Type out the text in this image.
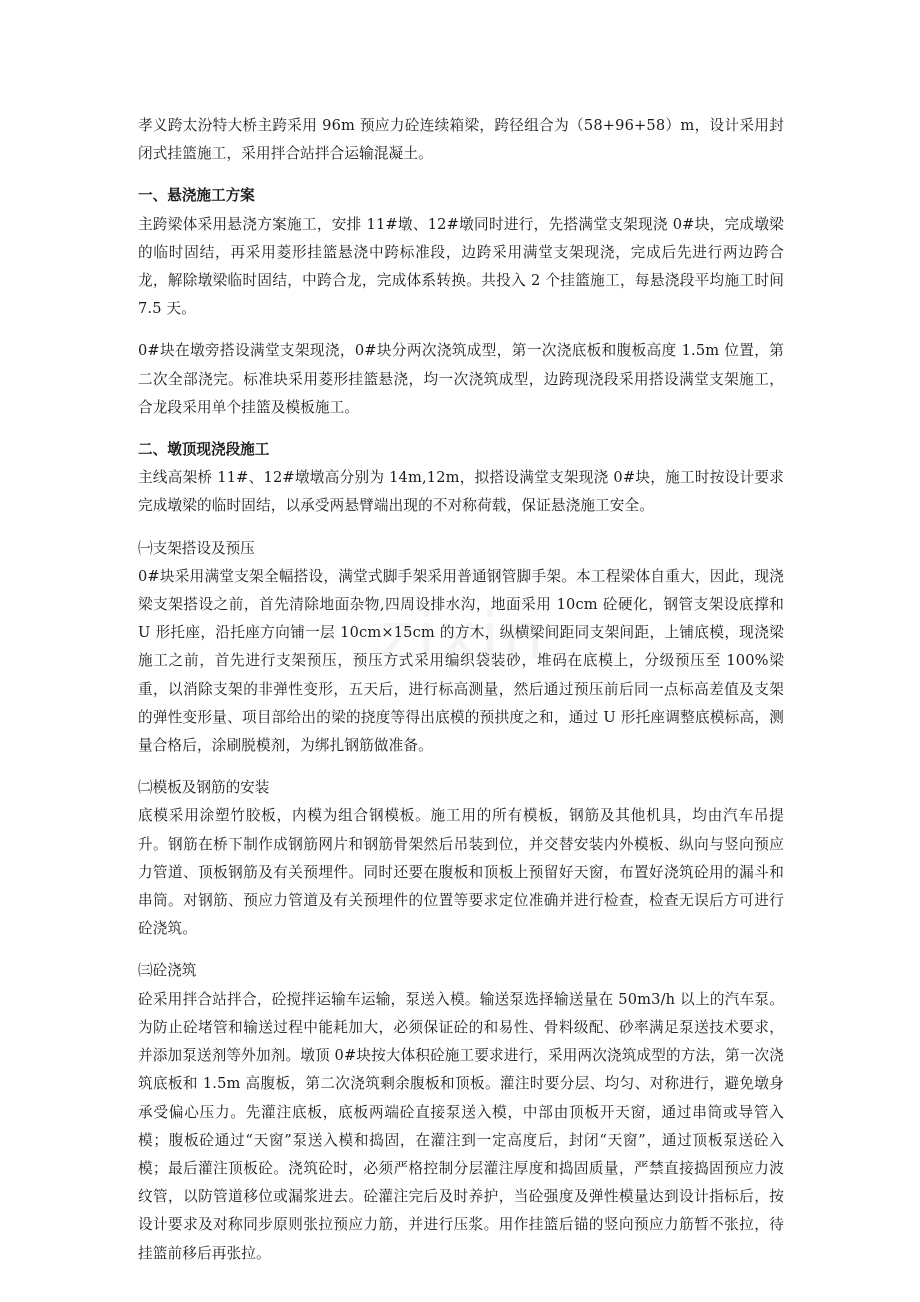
zixin

孝义跨太汾特大桥主跨采用 96m 预应力砼连续箱梁，跨径组合为（58+96+58）m，设计采用封闭式挂篮施工，采用拌合站拌合运输混凝土。

一、悬浇施工方案

主跨梁体采用悬浇方案施工，安排 11#墩、12#墩同时进行，先搭满堂支架现浇 0#块，完成墩梁的临时固结，再采用菱形挂篮悬浇中跨标准段，边跨采用满堂支架现浇，完成后先进行两边跨合龙，解除墩梁临时固结，中跨合龙，完成体系转换。共投入 2 个挂篮施工，每悬浇段平均施工时间 7.5 天。

0#块在墩旁搭设满堂支架现浇，0#块分两次浇筑成型，第一次浇底板和腹板高度 1.5m 位置，第二次全部浇完。标准块采用菱形挂篮悬浇，均一次浇筑成型，边跨现浇段采用搭设满堂支架施工，合龙段采用单个挂篮及模板施工。

二、墩顶现浇段施工

主线高架桥 11#、12#墩墩高分别为 14m,12m，拟搭设满堂支架现浇 0#块，施工时按设计要求完成墩梁的临时固结，以承受两悬臂端出现的不对称荷载，保证悬浇施工安全。

㈠支架搭设及预压

0#块采用满堂支架全幅搭设，满堂式脚手架采用普通钢管脚手架。本工程梁体自重大，因此，现浇梁支架搭设之前，首先清除地面杂物,四周设排水沟，地面采用 10cm 砼硬化，钢管支架设底撑和 U 形托座，沿托座方向铺一层 10cm×15cm 的方木，纵横梁间距同支架间距，上铺底模，现浇梁施工之前，首先进行支架预压，预压方式采用编织袋装砂，堆码在底模上，分级预压至 100%梁重，以消除支架的非弹性变形，五天后，进行标高测量，然后通过预压前后同一点标高差值及支架的弹性变形量、项目部给出的梁的挠度等得出底模的预拱度之和，通过 U 形托座调整底模标高，测量合格后，涂刷脱模剂，为绑扎钢筋做准备。

㈡模板及钢筋的安装

底模采用涂塑竹胶板，内模为组合钢模板。施工用的所有模板，钢筋及其他机具，均由汽车吊提升。钢筋在桥下制作成钢筋网片和钢筋骨架然后吊装到位，并交替安装内外模板、纵向与竖向预应力管道、顶板钢筋及有关预埋件。同时还要在腹板和顶板上预留好天窗，布置好浇筑砼用的漏斗和串筒。对钢筋、预应力管道及有关预埋件的位置等要求定位准确并进行检查，检查无误后方可进行砼浇筑。

㈢砼浇筑

砼采用拌合站拌合，砼搅拌运输车运输，泵送入模。输送泵选择输送量在 50m3/h 以上的汽车泵。为防止砼堵管和输送过程中能耗加大，必须保证砼的和易性、骨料级配、砂率满足泵送技术要求，并添加泵送剂等外加剂。墩顶 0#块按大体积砼施工要求进行，采用两次浇筑成型的方法，第一次浇筑底板和 1.5m 高腹板，第二次浇筑剩余腹板和顶板。灌注时要分层、均匀、对称进行，避免墩身承受偏心压力。先灌注底板，底板两端砼直接泵送入模，中部由顶板开天窗，通过串筒或导管入模；腹板砼通过“天窗”泵送入模和捣固，在灌注到一定高度后，封闭“天窗”，通过顶板泵送砼入模；最后灌注顶板砼。浇筑砼时，必须严格控制分层灌注厚度和捣固质量，严禁直接捣固预应力波纹管，以防管道移位或漏浆进去。砼灌注完后及时养护，当砼强度及弹性模量达到设计指标后，按设计要求及对称同步原则张拉预应力筋，并进行压浆。用作挂篮后锚的竖向预应力筋暂不张拉，待挂篮前移后再张拉。
